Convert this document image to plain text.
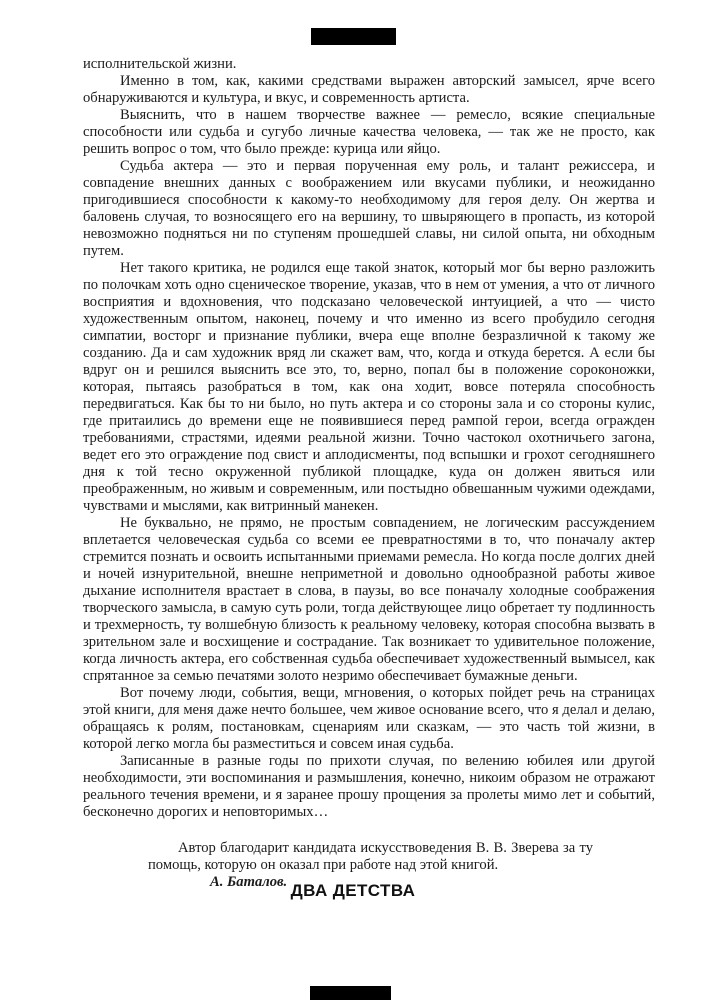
исполнительской жизни.

Именно в том, как, какими средствами выражен авторский замысел, ярче всего обнаруживаются и культура, и вкус, и современность артиста.

Выяснить, что в нашем творчестве важнее — ремесло, всякие специальные способности или судьба и сугубо личные качества человека, — так же не просто, как решить вопрос о том, что было прежде: курица или яйцо.

Судьба актера — это и первая порученная ему роль, и талант режиссера, и совпадение внешних данных с воображением или вкусами публики, и неожиданно пригодившиеся способности к какому-то необходимому для героя делу. Он жертва и баловень случая, то возносящего его на вершину, то швыряющего в пропасть, из которой невозможно подняться ни по ступеням прошедшей славы, ни силой опыта, ни обходным путем.

Нет такого критика, не родился еще такой знаток, который мог бы верно разложить по полочкам хоть одно сценическое творение, указав, что в нем от умения, а что от личного восприятия и вдохновения, что подсказано человеческой интуицией, а что — чисто художественным опытом, наконец, почему и что именно из всего пробудило сегодня симпатии, восторг и признание публики, вчера еще вполне безразличной к такому же созданию. Да и сам художник вряд ли скажет вам, что, когда и откуда берется. А если бы вдруг он и решился выяснить все это, то, верно, попал бы в положение сороконожки, которая, пытаясь разобраться в том, как она ходит, вовсе потеряла способность передвигаться. Как бы то ни было, но путь актера и со стороны зала и со стороны кулис, где притаились до времени еще не появившиеся перед рампой герои, всегда огражден требованиями, страстями, идеями реальной жизни. Точно частокол охотничьего загона, ведет его это ограждение под свист и аплодисменты, под вспышки и грохот сегодняшнего дня к той тесно окруженной публикой площадке, куда он должен явиться или преображенным, но живым и современным, или постыдно обвешанным чужими одеждами, чувствами и мыслями, как витринный манекен.

Не буквально, не прямо, не простым совпадением, не логическим рассуждением вплетается человеческая судьба со всеми ее превратностями в то, что поначалу актер стремится познать и освоить испытанными приемами ремесла. Но когда после долгих дней и ночей изнурительной, внешне неприметной и довольно однообразной работы живое дыхание исполнителя врастает в слова, в паузы, во все поначалу холодные соображения творческого замысла, в самую суть роли, тогда действующее лицо обретает ту подлинность и трехмерность, ту волшебную близость к реальному человеку, которая способна вызвать в зрительном зале и восхищение и сострадание. Так возникает то удивительное положение, когда личность актера, его собственная судьба обеспечивает художественный вымысел, как спрятанное за семью печатями золото незримо обеспечивает бумажные деньги.

Вот почему люди, события, вещи, мгновения, о которых пойдет речь на страницах этой книги, для меня даже нечто большее, чем живое основание всего, что я делал и делаю, обращаясь к ролям, постановкам, сценариям или сказкам, — это часть той жизни, в которой легко могла бы разместиться и совсем иная судьба.

Записанные в разные годы по прихоти случая, по велению юбилея или другой необходимости, эти воспоминания и размышления, конечно, никоим образом не отражают реального течения времени, и я заранее прошу прощения за пролеты мимо лет и событий, бесконечно дорогих и неповторимых…

Автор благодарит кандидата искусствоведения В. В. Зверева за ту помощь, которую он оказал при работе над этой книгой.

А. Баталов. ДВА ДЕТСТВА
